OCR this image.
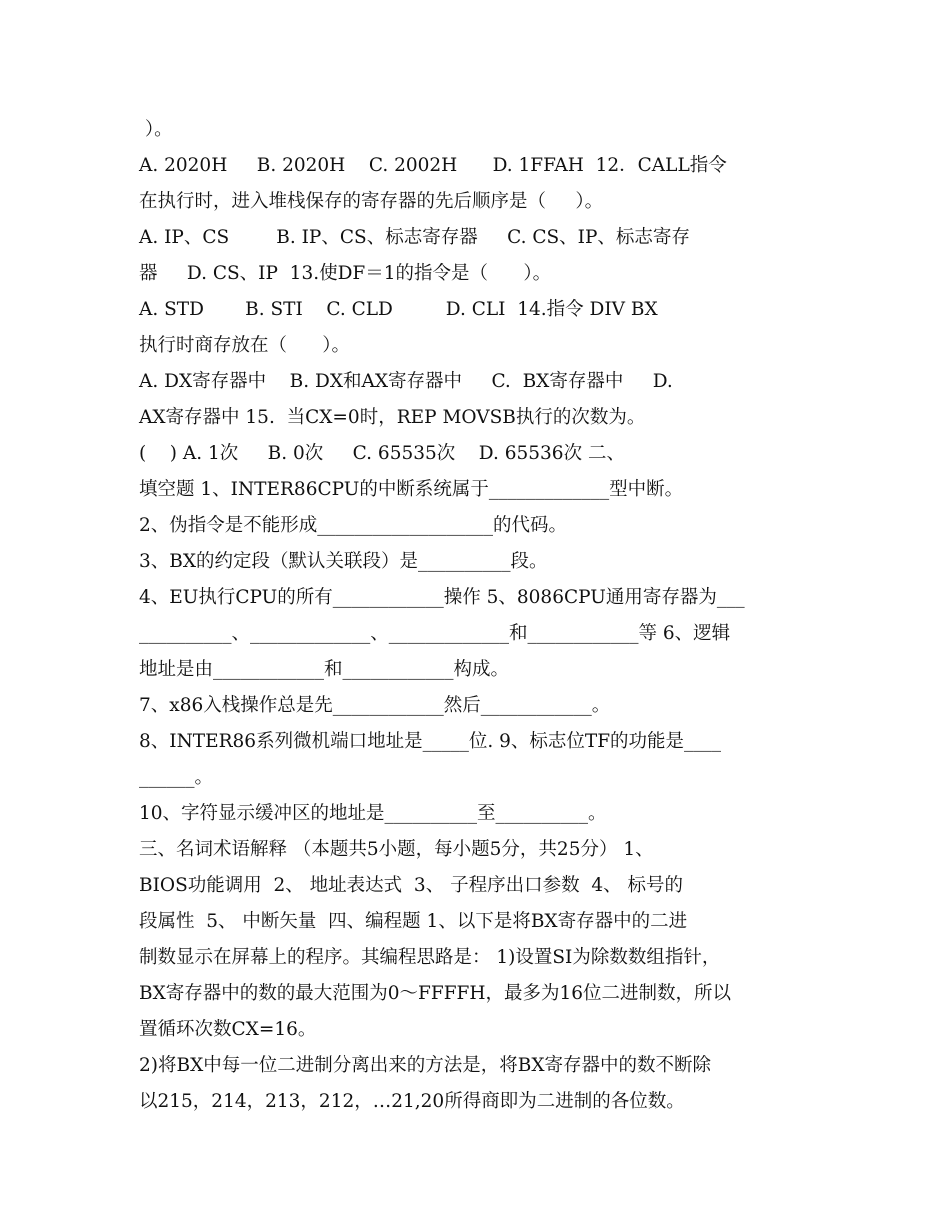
）。
A. 2020H     B. 2020H    C. 2002H      D. 1FFAH  12．CALL指令
在执行时，进入堆栈保存的寄存器的先后顺序是（     ）。
A. IP、CS        B. IP、CS、标志寄存器     C. CS、IP、标志寄存
器     D. CS、IP  13.使DF＝1的指令是（      ）。
A. STD       B. STI    C. CLD         D. CLI  14.指令 DIV BX
执行时商存放在（      ）。
A. DX寄存器中    B. DX和AX寄存器中     C.  BX寄存器中     D.
AX寄存器中 15.  当CX=0时，REP MOVSB执行的次数为。
(    ) A. 1次     B. 0次     C. 65535次    D. 65536次 二、
填空题 1、INTER86CPU的中断系统属于_____________型中断。
2、伪指令是不能形成___________________的代码。
3、BX的约定段（默认关联段）是__________段。
4、EU执行CPU的所有____________操作 5、8086CPU通用寄存器为___
__________、_____________、_____________和____________等 6、逻辑
地址是由____________和____________构成。
7、x86入栈操作总是先____________然后____________。
8、INTER86系列微机端口地址是_____位. 9、标志位TF的功能是____
______。
10、字符显示缓冲区的地址是__________至__________。
三、名词术语解释 （本题共5小题，每小题5分，共25分） 1、
BIOS功能调用  2、 地址表达式  3、 子程序出口参数  4、 标号的
段属性  5、 中断矢量  四、编程题 1、以下是将BX寄存器中的二进
制数显示在屏幕上的程序。其编程思路是： 1)设置SI为除数数组指针，
BX寄存器中的数的最大范围为0～FFFFH，最多为16位二进制数，所以
置循环次数CX=16。
2)将BX中每一位二进制分离出来的方法是，将BX寄存器中的数不断除
以215，214，213，212，…21,20所得商即为二进制的各位数。
